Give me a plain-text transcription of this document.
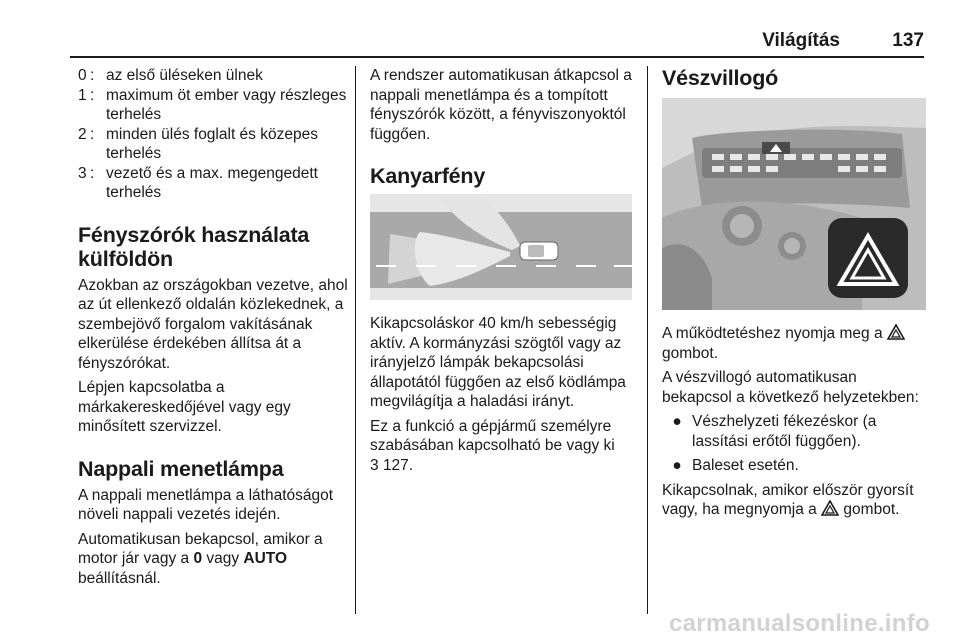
Világítás	137
0 : az első üléseken ülnek
1 : maximum öt ember vagy részleges terhelés
2 : minden ülés foglalt és közepes terhelés
3 : vezető és a max. megengedett terhelés
Fényszórók használata külföldön

Azokban az országokban vezetve, ahol az út ellenkező oldalán közlekednek, a szembejövő forgalom vakításának elkerülése érdekében állítsa át a fényszórókat.

Lépjen kapcsolatba a márkakereskedőjével vagy egy minősített szervizzel.

Nappali menetlámpa

A nappali menetlámpa a láthatóságot növeli nappali vezetés idején.

Automatikusan bekapcsol, amikor a motor jár vagy a 0 vagy AUTO beállításnál.

A rendszer automatikusan átkapcsol a nappali menetlámpa és a tompított fényszórók között, a fényviszonyoktól függően.

Kanyarfény

Kikapcsoláskor 40 km/h sebességig aktív. A kormányzási szögtől vagy az irányjelző lámpák bekapcsolási állapotától függően az első ködlámpa megvilágítja a haladási irányt.

Ez a funkció a gépjármű személyre szabásában kapcsolható be vagy ki
3 127.

Vészvillogó

A működtetéshez nyomja meg a
gombot.

A vészvillogó automatikusan bekapcsol a következő helyzetekben:

● Vészhelyzeti fékezéskor (a lassítási erőtől függően).
● Baleset esetén.

Kikapcsolnak, amikor először gyorsít vagy, ha megnyomja a gombot.

carmanualsonline.info
